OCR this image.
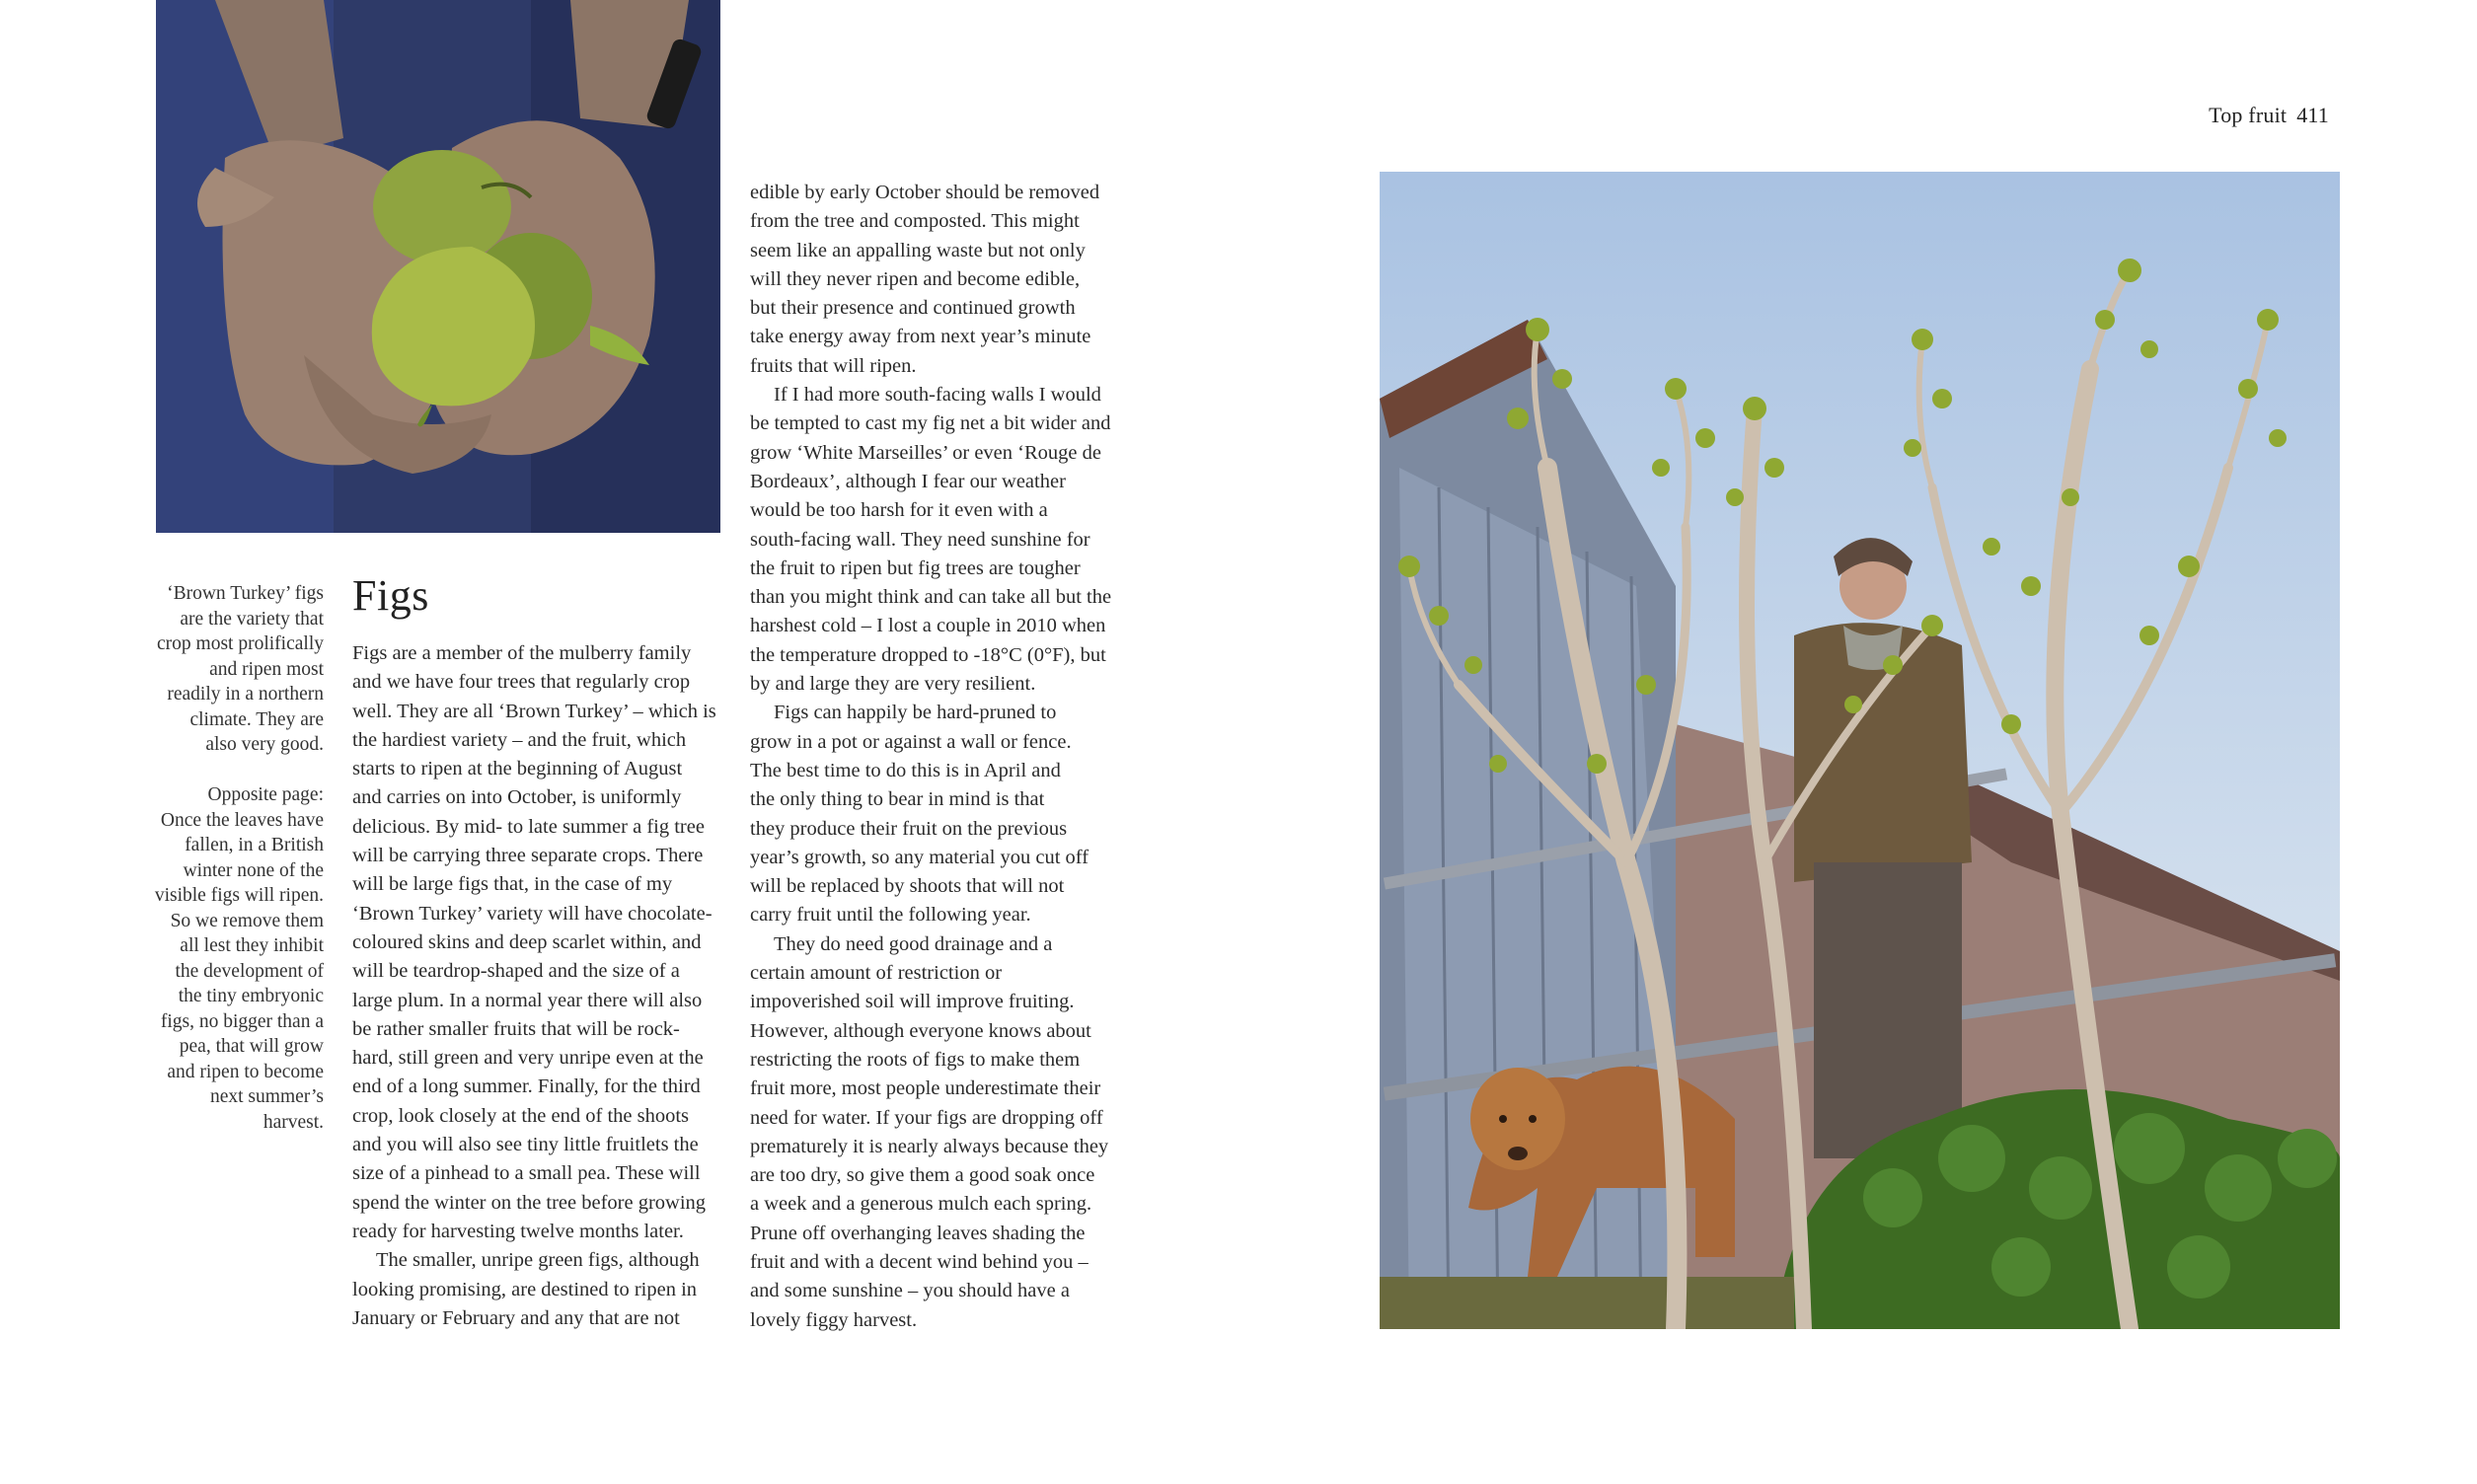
Top fruit 411
‘Brown Turkey’ figs
are the variety that
crop most prolifically
and ripen most
readily in a northern
climate. They are
also very good.
Opposite page:
Once the leaves have
fallen, in a British
winter none of the
visible figs will ripen.
So we remove them
all lest they inhibit
the development of
the tiny embryonic
figs, no bigger than a
pea, that will grow
and ripen to become
next summer’s
harvest.
Figs
Figs are a member of the mulberry family
and we have four trees that regularly crop
well. They are all ‘Brown Turkey’ – which is
the hardiest variety – and the fruit, which
starts to ripen at the beginning of August
and carries on into October, is uniformly
delicious. By mid- to late summer a fig tree
will be carrying three separate crops. There
will be large figs that, in the case of my
‘Brown Turkey’ variety will have chocolate-
coloured skins and deep scarlet within, and
will be teardrop-shaped and the size of a
large plum. In a normal year there will also
be rather smaller fruits that will be rock-
hard, still green and very unripe even at the
end of a long summer. Finally, for the third
crop, look closely at the end of the shoots
and you will also see tiny little fruitlets the
size of a pinhead to a small pea. These will
spend the winter on the tree before growing
ready for harvesting twelve months later.
The smaller, unripe green figs, although
looking promising, are destined to ripen in
January or February and any that are not
edible by early October should be removed
from the tree and composted. This might
seem like an appalling waste but not only
will they never ripen and become edible,
but their presence and continued growth
take energy away from next year’s minute
fruits that will ripen.
If I had more south-facing walls I would
be tempted to cast my fig net a bit wider and
grow ‘White Marseilles’ or even ‘Rouge de
Bordeaux’, although I fear our weather
would be too harsh for it even with a
south-facing wall. They need sunshine for
the fruit to ripen but fig trees are tougher
than you might think and can take all but the
harshest cold – I lost a couple in 2010 when
the temperature dropped to -18°C (0°F), but
by and large they are very resilient.
Figs can happily be hard-pruned to
grow in a pot or against a wall or fence.
The best time to do this is in April and
the only thing to bear in mind is that
they produce their fruit on the previous
year’s growth, so any material you cut off
will be replaced by shoots that will not
carry fruit until the following year.
They do need good drainage and a
certain amount of restriction or
impoverished soil will improve fruiting.
However, although everyone knows about
restricting the roots of figs to make them
fruit more, most people underestimate their
need for water. If your figs are dropping off
prematurely it is nearly always because they
are too dry, so give them a good soak once
a week and a generous mulch each spring.
Prune off overhanging leaves shading the
fruit and with a decent wind behind you –
and some sunshine – you should have a
lovely figgy harvest.
